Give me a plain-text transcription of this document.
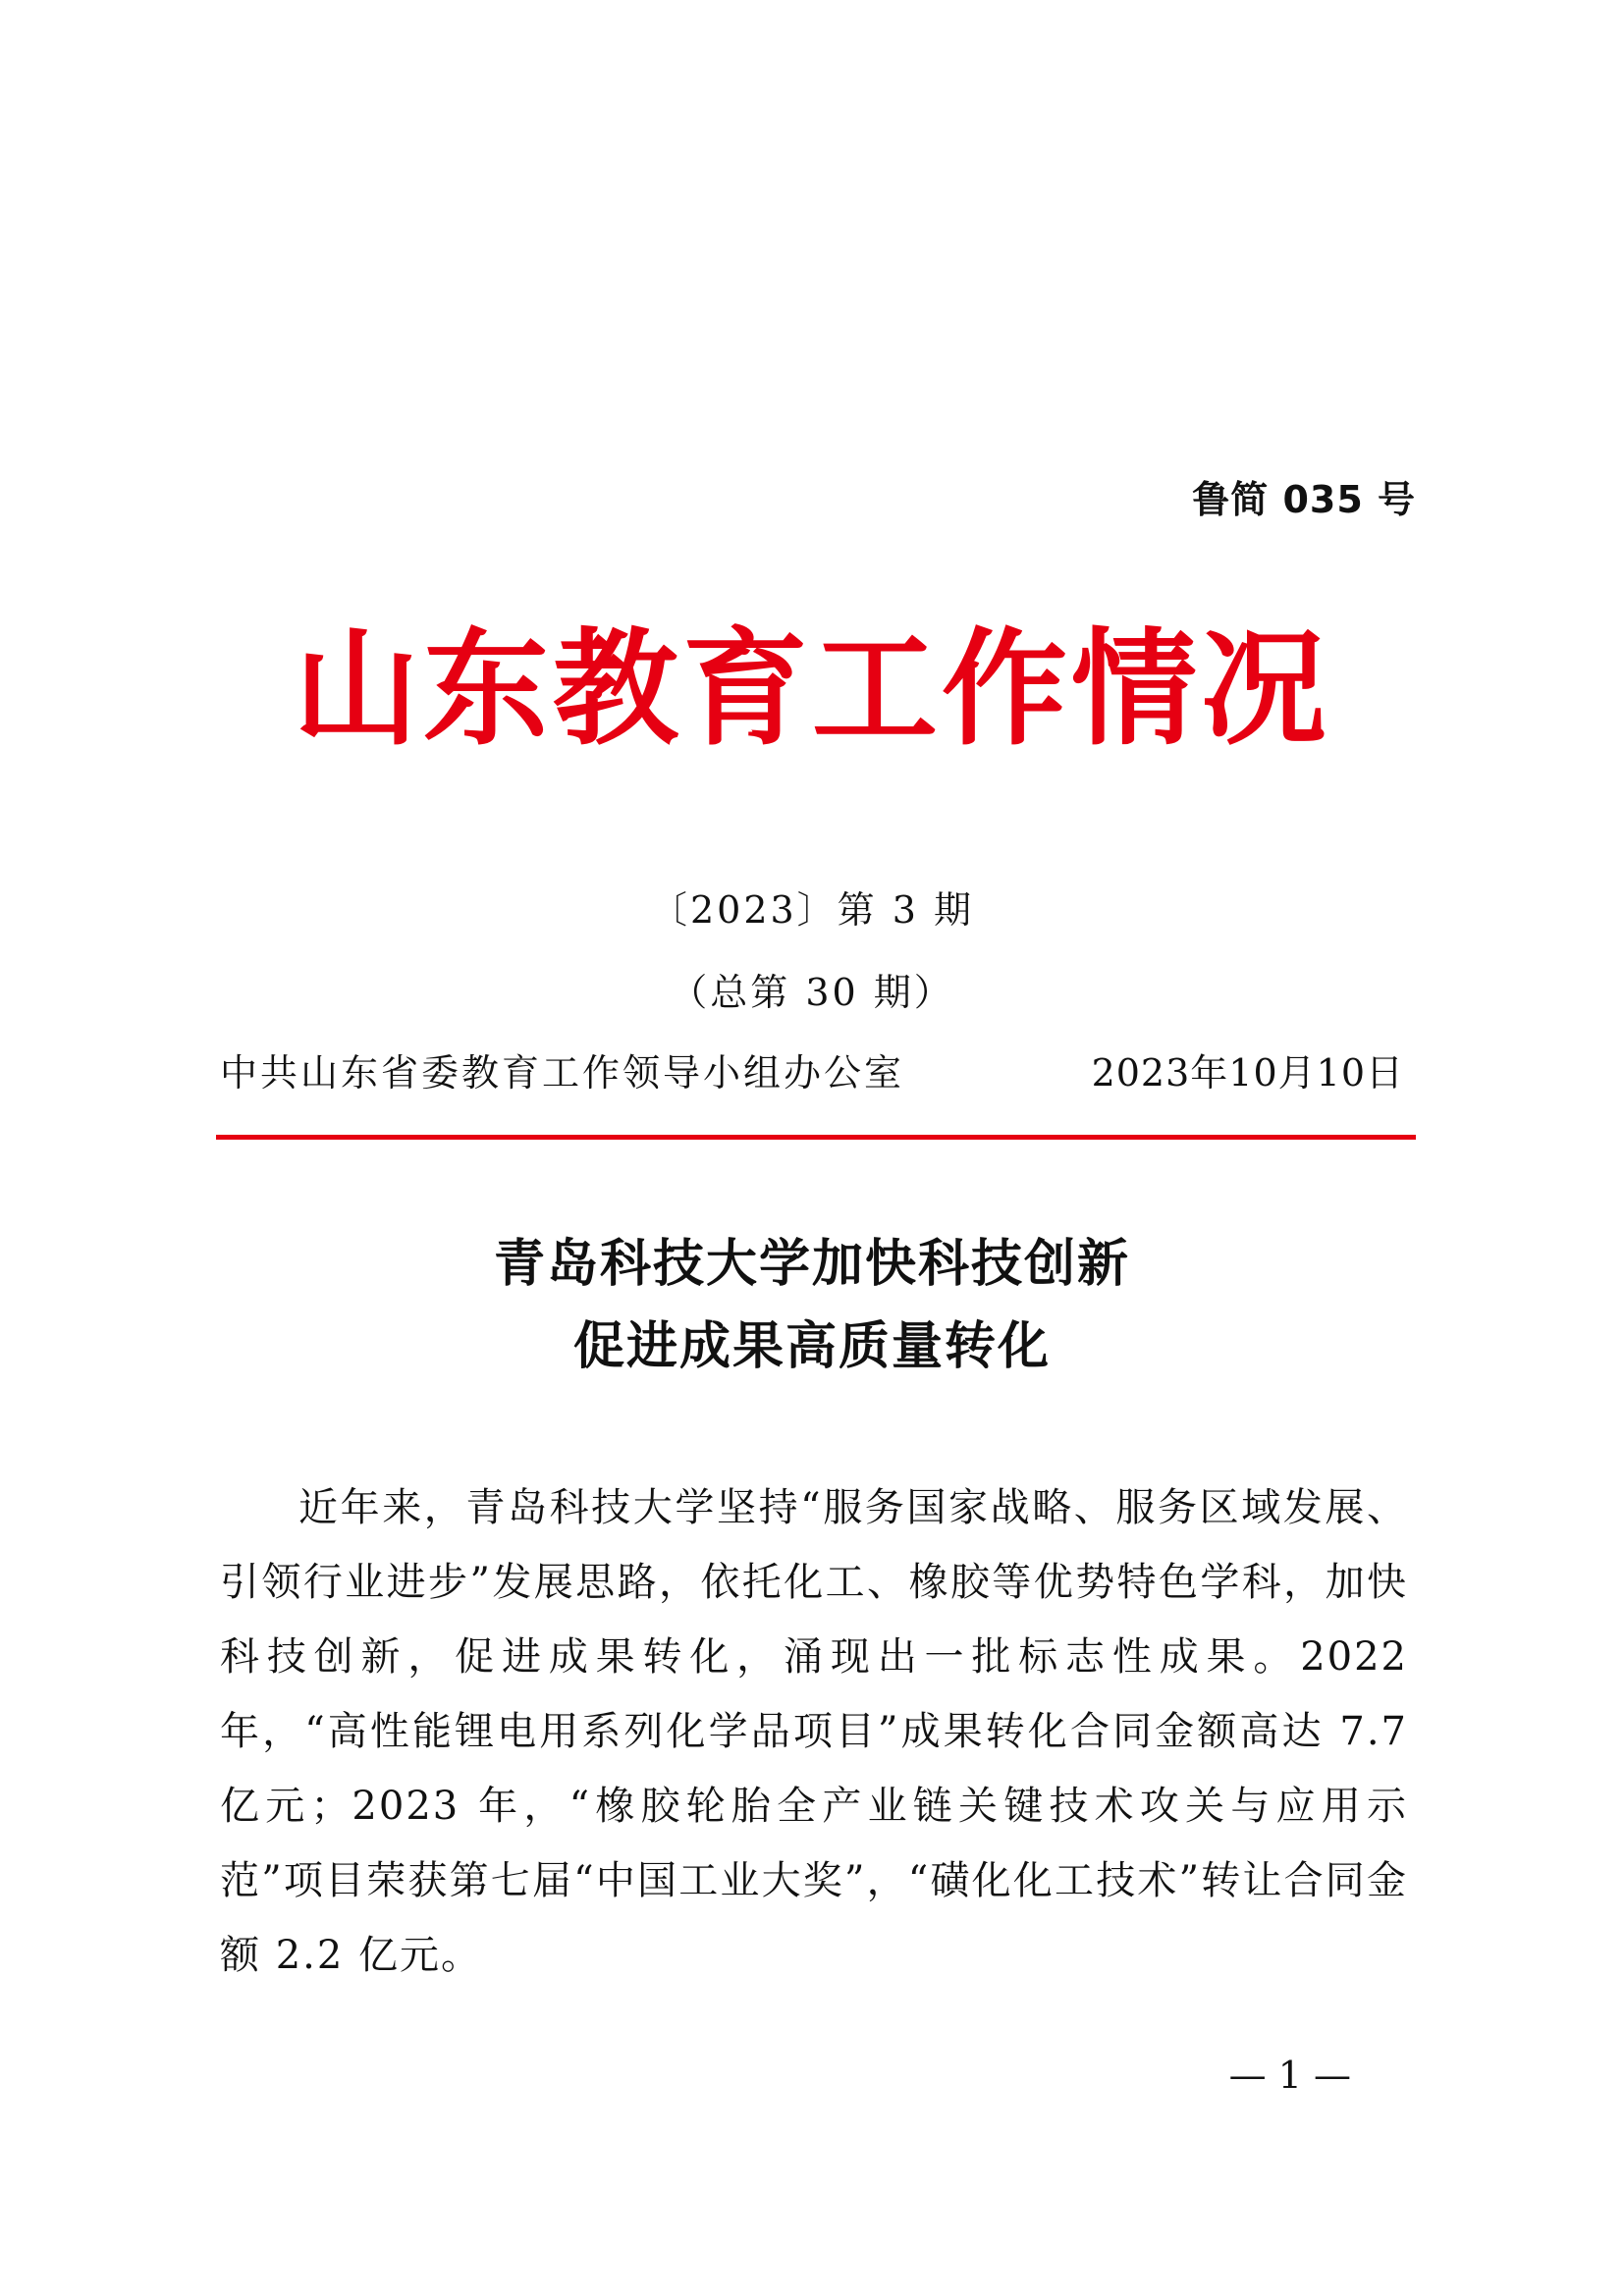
鲁简 035 号
山东教育工作情况
〔2023〕第 3 期
（总第 30 期）
中共山东省委教育工作领导小组办公室	2023年10月10日
青岛科技大学加快科技创新
促进成果高质量转化

近年来，青岛科技大学坚持“服务国家战略、服务区域发展、引领行业进步”发展思路，依托化工、橡胶等优势特色学科，加快科技创新，促进成果转化，涌现出一批标志性成果。2022 年，“高性能锂电用系列化学品项目”成果转化合同金额高达 7.7 亿元；2023 年，“橡胶轮胎全产业链关键技术攻关与应用示范”项目荣获第七届“中国工业大奖”，“磺化化工技术”转让合同金额 2.2 亿元。

— 1 —
